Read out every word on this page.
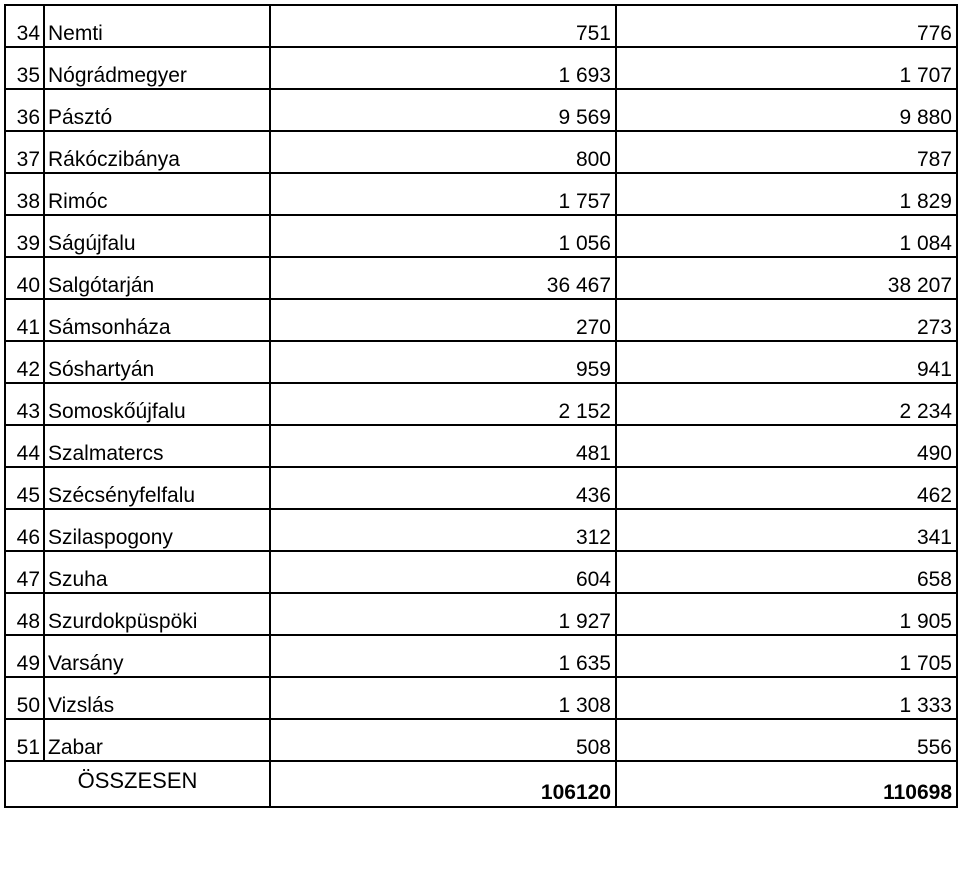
34	Nemti	751	776
35	Nógrádmegyer	1 693	1 707
36	Pásztó	9 569	9 880
37	Rákóczibánya	800	787
38	Rimóc	1 757	1 829
39	Ságújfalu	1 056	1 084
40	Salgótarján	36 467	38 207
41	Sámsonháza	270	273
42	Sóshartyán	959	941
43	Somoskőújfalu	2 152	2 234
44	Szalmatercs	481	490
45	Szécsényfelfalu	436	462
46	Szilaspogony	312	341
47	Szuha	604	658
48	Szurdokpüspöki	1 927	1 905
49	Varsány	1 635	1 705
50	Vizslás	1 308	1 333
51	Zabar	508	556
ÖSSZESEN		106120	110698
